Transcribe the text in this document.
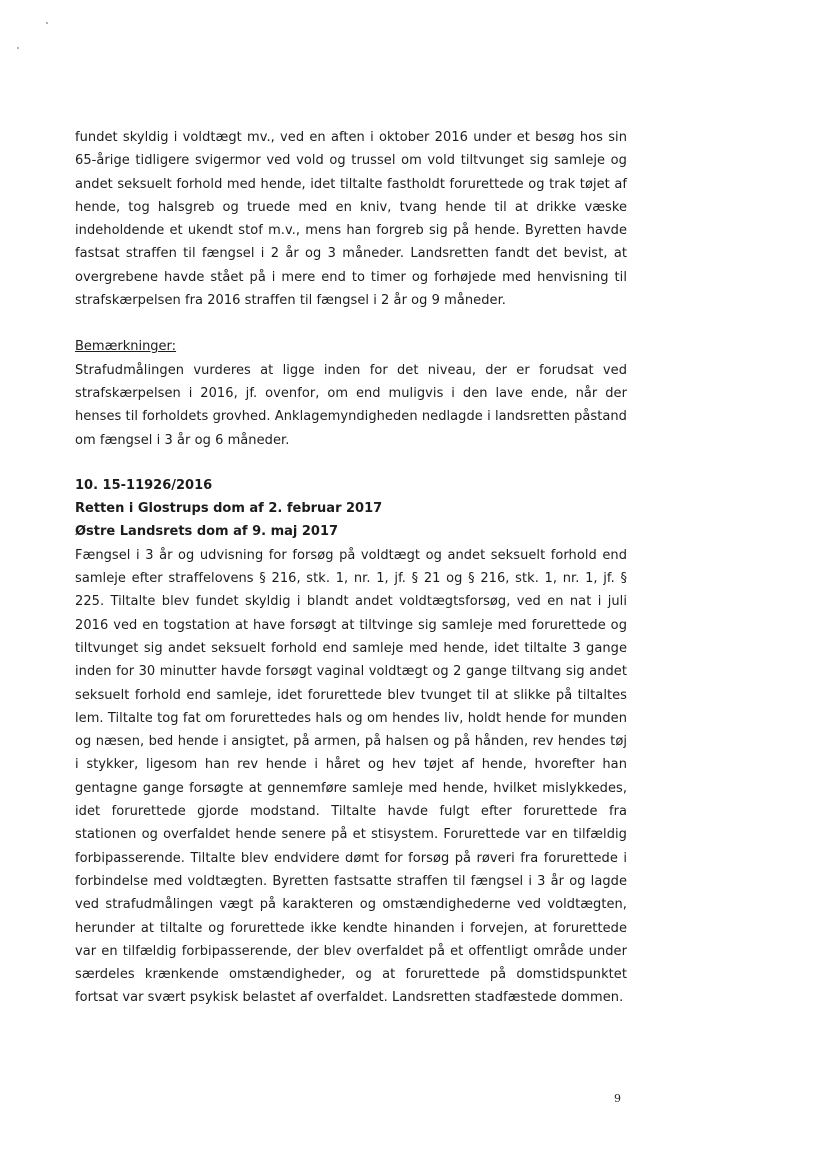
fundet skyldig i voldtægt mv., ved en aften i oktober 2016 under et besøg hos sin 65-årige tidligere svigermor ved vold og trussel om vold tiltvunget sig samleje og andet seksuelt forhold med hende, idet tiltalte fastholdt forurettede og trak tøjet af hende, tog halsgreb og truede med en kniv, tvang hende til at drikke væske indeholdende et ukendt stof m.v., mens han forgreb sig på hende. Byretten havde fastsat straffen til fængsel i 2 år og 3 måneder. Landsretten fandt det bevist, at overgrebene havde stået på i mere end to timer og forhøjede med henvisning til strafskærpelsen fra 2016 straffen til fængsel i 2 år og 9 måneder.

Bemærkninger:

Strafudmålingen vurderes at ligge inden for det niveau, der er forudsat ved strafskærpelsen i 2016, jf. ovenfor, om end muligvis i den lave ende, når der henses til forholdets grovhed. Anklagemyndigheden nedlagde i landsretten påstand om fængsel i 3 år og 6 måneder.

10. 15-11926/2016

Retten i Glostrups dom af 2. februar 2017

Østre Landsrets dom af 9. maj 2017

Fængsel i 3 år og udvisning for forsøg på voldtægt og andet seksuelt forhold end samleje efter straffelovens § 216, stk. 1, nr. 1, jf. § 21 og § 216, stk. 1, nr. 1, jf. § 225. Tiltalte blev fundet skyldig i blandt andet voldtægtsforsøg, ved en nat i juli 2016 ved en togstation at have forsøgt at tiltvinge sig samleje med forurettede og tiltvunget sig andet seksuelt forhold end samleje med hende, idet tiltalte 3 gange inden for 30 minutter havde forsøgt vaginal voldtægt og 2 gange tiltvang sig andet seksuelt forhold end samleje, idet forurettede blev tvunget til at slikke på tiltaltes lem. Tiltalte tog fat om forurettedes hals og om hendes liv, holdt hende for munden og næsen, bed hende i ansigtet, på armen, på halsen og på hånden, rev hendes tøj i stykker, ligesom han rev hende i håret og hev tøjet af hende, hvorefter han gentagne gange forsøgte at gennemføre samleje med hende, hvilket mislykkedes, idet forurettede gjorde modstand. Tiltalte havde fulgt efter forurettede fra stationen og overfaldet hende senere på et stisystem. Forurettede var en tilfældig forbipasserende. Tiltalte blev endvidere dømt for forsøg på røveri fra forurettede i forbindelse med voldtægten. Byretten fastsatte straffen til fængsel i 3 år og lagde ved strafudmålingen vægt på karakteren og omstændighederne ved voldtægten, herunder at tiltalte og forurettede ikke kendte hinanden i forvejen, at forurettede var en tilfældig forbipasserende, der blev overfaldet på et offentligt område under særdeles krænkende omstændigheder, og at forurettede på domstidspunktet fortsat var svært psykisk belastet af overfaldet. Landsretten stadfæstede dommen.

9
